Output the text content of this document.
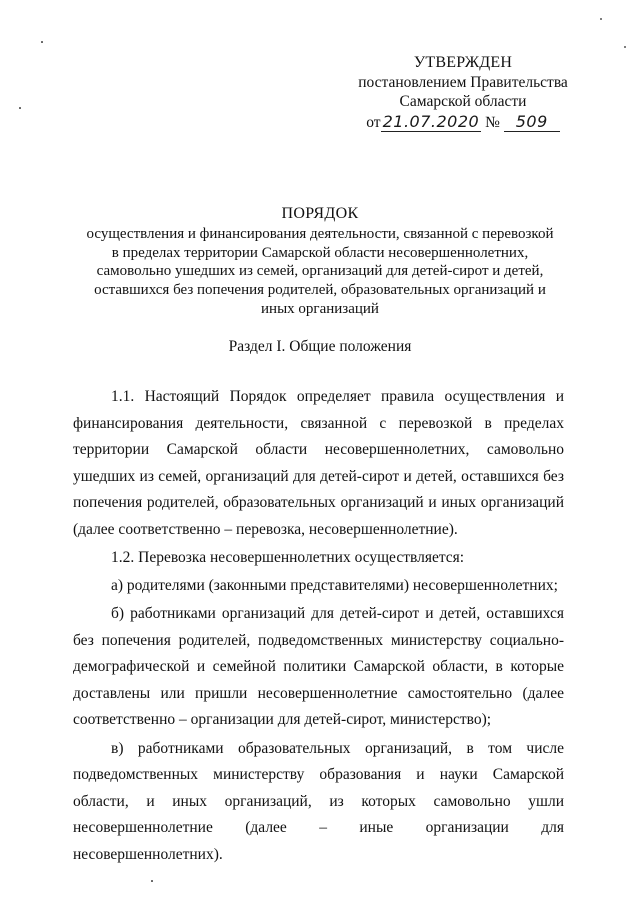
УТВЕРЖДЕН
постановлением Правительства
Самарской области
от 21.07.2020 № 509
ПОРЯДОК
осуществления и финансирования деятельности, связанной с перевозкой
в пределах территории Самарской области несовершеннолетних,
самовольно ушедших из семей, организаций для детей-сирот и детей,
оставшихся без попечения родителей, образовательных организаций и
иных организаций
Раздел I. Общие положения

1.1. Настоящий Порядок определяет правила осуществления и финансирования деятельности, связанной с перевозкой в пределах территории Самарской области несовершеннолетних, самовольно ушедших из семей, организаций для детей-сирот и детей, оставшихся без попечения родителей, образовательных организаций и иных организаций (далее соответственно – перевозка, несовершеннолетние).

1.2. Перевозка несовершеннолетних осуществляется:

а) родителями (законными представителями) несовершеннолетних;

б) работниками организаций для детей-сирот и детей, оставшихся без попечения родителей, подведомственных министерству социально-демографической и семейной политики Самарской области, в которые доставлены или пришли несовершеннолетние самостоятельно (далее соответственно – организации для детей-сирот, министерство);

в) работниками образовательных организаций, в том числе подведомственных министерству образования и науки Самарской области, и иных организаций, из которых самовольно ушли несовершеннолетние (далее – иные организации для несовершеннолетних).
